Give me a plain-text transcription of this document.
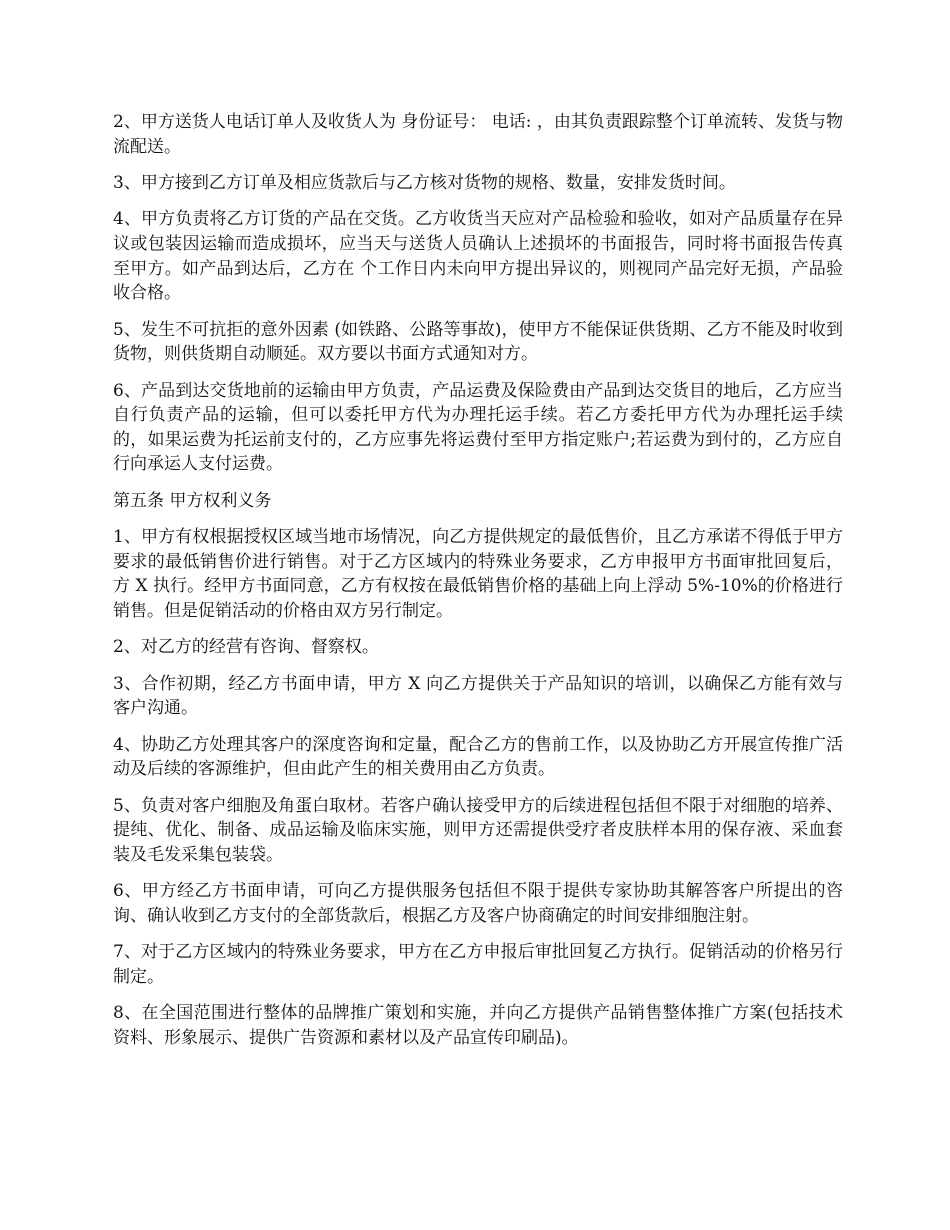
2、甲方送货人电话订单人及收货人为 身份证号： 电话: ，由其负责跟踪整个订单流转、发货与物流配送。

3、甲方接到乙方订单及相应货款后与乙方核对货物的规格、数量，安排发货时间。

4、甲方负责将乙方订货的产品在交货。乙方收货当天应对产品检验和验收，如对产品质量存在异议或包装因运输而造成损坏，应当天与送货人员确认上述损坏的书面报告，同时将书面报告传真至甲方。如产品到达后，乙方在 个工作日内未向甲方提出异议的，则视同产品完好无损，产品验收合格。

5、发生不可抗拒的意外因素 (如铁路、公路等事故)，使甲方不能保证供货期、乙方不能及时收到货物，则供货期自动顺延。双方要以书面方式通知对方。

6、产品到达交货地前的运输由甲方负责，产品运费及保险费由产品到达交货目的地后，乙方应当自行负责产品的运输，但可以委托甲方代为办理托运手续。若乙方委托甲方代为办理托运手续的，如果运费为托运前支付的，乙方应事先将运费付至甲方指定账户;若运费为到付的，乙方应自行向承运人支付运费。

第五条 甲方权利义务

1、甲方有权根据授权区域当地市场情况，向乙方提供规定的最低售价，且乙方承诺不得低于甲方要求的最低销售价进行销售。对于乙方区域内的特殊业务要求，乙方申报甲方书面审批回复后，方 X 执行。经甲方书面同意，乙方有权按在最低销售价格的基础上向上浮动 5%-10%的价格进行销售。但是促销活动的价格由双方另行制定。

2、对乙方的经营有咨询、督察权。

3、合作初期，经乙方书面申请，甲方 X 向乙方提供关于产品知识的培训，以确保乙方能有效与客户沟通。

4、协助乙方处理其客户的深度咨询和定量，配合乙方的售前工作，以及协助乙方开展宣传推广活动及后续的客源维护，但由此产生的相关费用由乙方负责。

5、负责对客户细胞及角蛋白取材。若客户确认接受甲方的后续进程包括但不限于对细胞的培养、提纯、优化、制备、成品运输及临床实施，则甲方还需提供受疗者皮肤样本用的保存液、采血套装及毛发采集包装袋。

6、甲方经乙方书面申请，可向乙方提供服务包括但不限于提供专家协助其解答客户所提出的咨询、确认收到乙方支付的全部货款后，根据乙方及客户协商确定的时间安排细胞注射。

7、对于乙方区域内的特殊业务要求，甲方在乙方申报后审批回复乙方执行。促销活动的价格另行制定。

8、在全国范围进行整体的品牌推广策划和实施，并向乙方提供产品销售整体推广方案(包括技术资料、形象展示、提供广告资源和素材以及产品宣传印刷品)。
